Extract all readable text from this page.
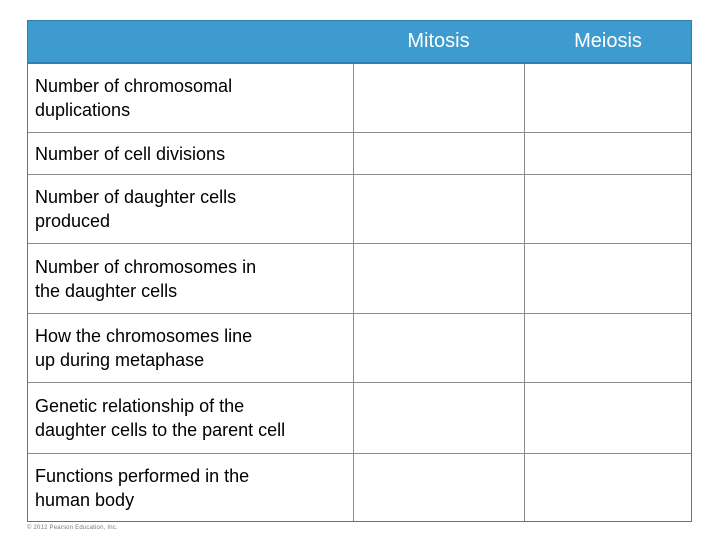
Mitosis	Meiosis
Number of chromosomal
duplications
Number of cell divisions
Number of daughter cells
produced
Number of chromosomes in
the daughter cells
How the chromosomes line
up during metaphase
Genetic relationship of the
daughter cells to the parent cell
Functions performed in the
human body
© 2012 Pearson Education, Inc.
